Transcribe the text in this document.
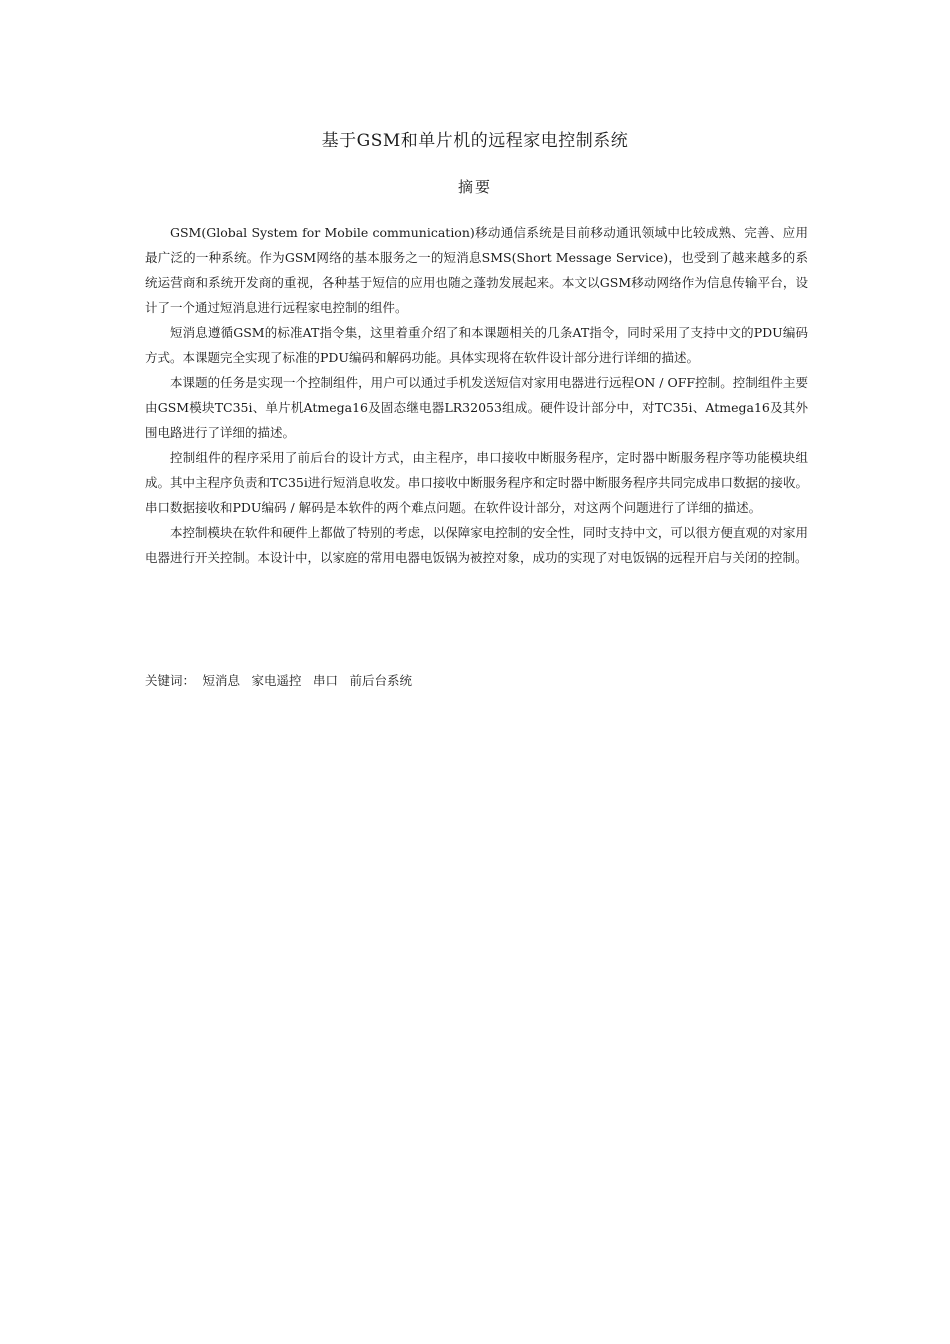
基于GSM和单片机的远程家电控制系统
摘要

GSM(Global System for Mobile communication)移动通信系统是目前移动通讯领域中比较成熟、完善、应用最广泛的一种系统。作为GSM网络的基本服务之一的短消息SMS(Short Message Service)，也受到了越来越多的系统运营商和系统开发商的重视，各种基于短信的应用也随之蓬勃发展起来。本文以GSM移动网络作为信息传输平台，设计了一个通过短消息进行远程家电控制的组件。

短消息遵循GSM的标准AT指令集，这里着重介绍了和本课题相关的几条AT指令，同时采用了支持中文的PDU编码方式。本课题完全实现了标准的PDU编码和解码功能。具体实现将在软件设计部分进行详细的描述。

本课题的任务是实现一个控制组件，用户可以通过手机发送短信对家用电器进行远程ON / OFF控制。控制组件主要由GSM模块TC35i、单片机Atmega16及固态继电器LR32053组成。硬件设计部分中，对TC35i、Atmega16及其外围电路进行了详细的描述。

控制组件的程序采用了前后台的设计方式，由主程序，串口接收中断服务程序，定时器中断服务程序等功能模块组成。其中主程序负责和TC35i进行短消息收发。串口接收中断服务程序和定时器中断服务程序共同完成串口数据的接收。串口数据接收和PDU编码 / 解码是本软件的两个难点问题。在软件设计部分，对这两个问题进行了详细的描述。

本控制模块在软件和硬件上都做了特别的考虑，以保障家电控制的安全性，同时支持中文，可以很方便直观的对家用电器进行开关控制。本设计中，以家庭的常用电器电饭锅为被控对象，成功的实现了对电饭锅的远程开启与关闭的控制。

关键词： 短消息 家电遥控 串口 前后台系统
